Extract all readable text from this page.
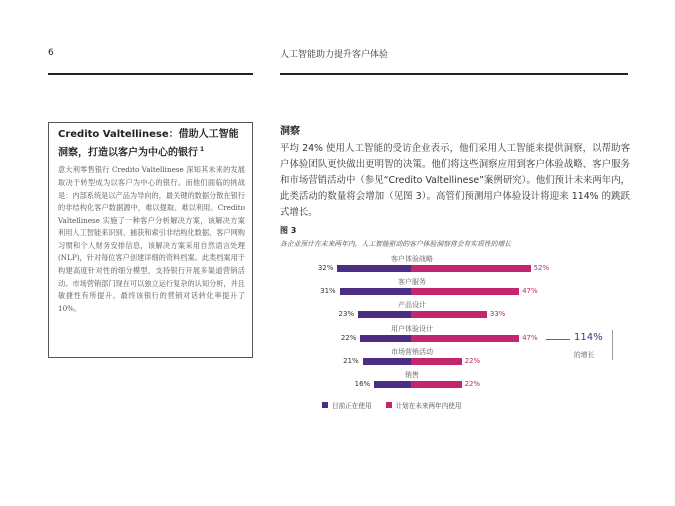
6	人工智能助力提升客户体验
Credito Valtellinese：借助人工智能洞察，打造以客户为中心的银行 $^1$
意大利零售银行 Credito Valtellinese 深知其未来的发展取决于转型成为以客户为中心的银行。而他们面临的挑战是：内部系统是以产品为导向的，最关键的数据分散在银行的非结构化客户数据源中，难以提取、难以利用。Credito Valtellinese 实施了一种客户分析解决方案，该解决方案利用人工智能来识别、捕获和索引非结构化数据、客户网购习惯和个人财务安排信息，该解决方案采用自然语言处理 (NLP)，针对每位客户创建详细的资料档案。此类档案用于构建高度针对性的细分模型，支持银行开展多渠道营销活动。市场营销部门现在可以独立运行复杂的认知分析，并且敏捷性有所提升。最终该银行的营销对话转化率提升了 10%。
洞察
平均 24% 使用人工智能的受访企业表示，他们采用人工智能来提供洞察，以帮助客户体验团队更快做出更明智的决策。他们将这些洞察应用到客户体验战略、客户服务和市场营销活动中（参见“Credito Valtellinese”案例研究）。他们预计未来两年内，此类活动的数量将会增加（见图 3）。高管们预测用户体验设计将迎来 114% 的跳跃式增长。
图 3
各企业预计在未来两年内，人工智能驱动的客户体验洞察将会有实质性的增长
客户体验战略
32%	52%
客户服务
31%	47%
产品设计
23%	33%
用户体验设计
22%	47%
市场营销活动
21%	22%
销售
16%	22%
114%
的增长
目前正在使用	计划在未来两年内使用
